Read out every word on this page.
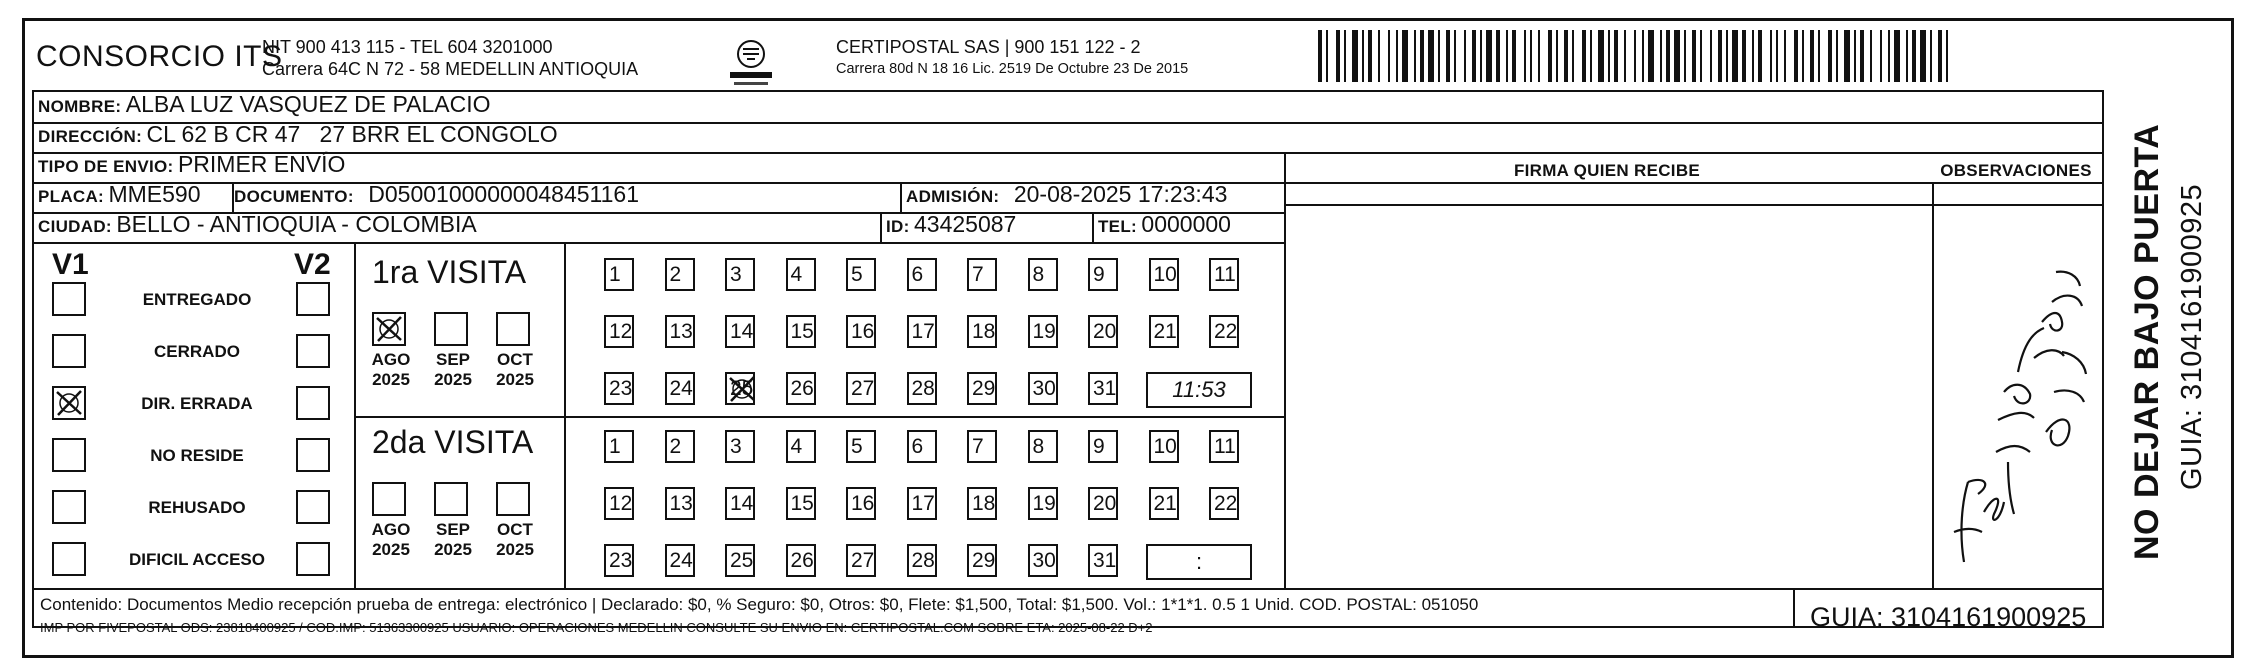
CONSORCIO ITS
NIT 900 413 115 - TEL 604 3201000
Carrera 64C N 72 - 58 MEDELLIN ANTIOQUIA
CERTIPOSTAL SAS | 900 151 122 - 2
Carrera 80d N 18 16 Lic. 2519 De Octubre 23 De 2015
NOMBRE: ALBA LUZ VASQUEZ DE PALACIO
DIRECCIÓN: CL 62 B CR 47   27 BRR EL CONGOLO
TIPO DE ENVIO: PRIMER ENVÍO
PLACA: MME590 DOCUMENTO: D05001000000048451161	ADMISIÓN: 20-08-2025 17:23:43
CIUDAD: BELLO - ANTIOQUIA - COLOMBIA	ID: 43425087	TEL: 0000000
FIRMA QUIEN RECIBE	OBSERVACIONES
V1	V2
ENTREGADO
CERRADO
DIR. ERRADA
NO RESIDE
REHUSADO
DIFICIL ACCESO
1ra VISITA
2da VISITA
AGO
2025
SEP
2025
OCT
2025
AGO
2025
SEP
2025
OCT
2025
1	2	3	4	5	6	7	8	9	10 11
12 13 14 15 16 17 18 19 20 21 22
23 24 25 26 27 28 29 30 31	11:53
1	2	3	4	5	6	7	8	9	10 11
12 13 14 15 16 17 18 19 20 21 22
23 24 25 26 27 28 29 30 31	:
Contenido: Documentos Medio recepción prueba de entrega: electrónico | Declarado: $0, % Seguro: $0, Otros: $0, Flete: $1,500, Total: $1,500. Vol.: 1*1*1. 0.5 1 Unid. COD. POSTAL: 051050
IMP POR FIVEPOSTAL ODS: 23818400925 / COD.IMP: 51363300925 USUARIO: OPERACIONES MEDELLIN CONSULTE SU ENVIO EN: CERTIPOSTAL.COM SOBRE ETA: 2025-08-22 D+2	GUIA: 3104161900925
NO DEJAR BAJO PUERTA GUIA: 3104161900925
